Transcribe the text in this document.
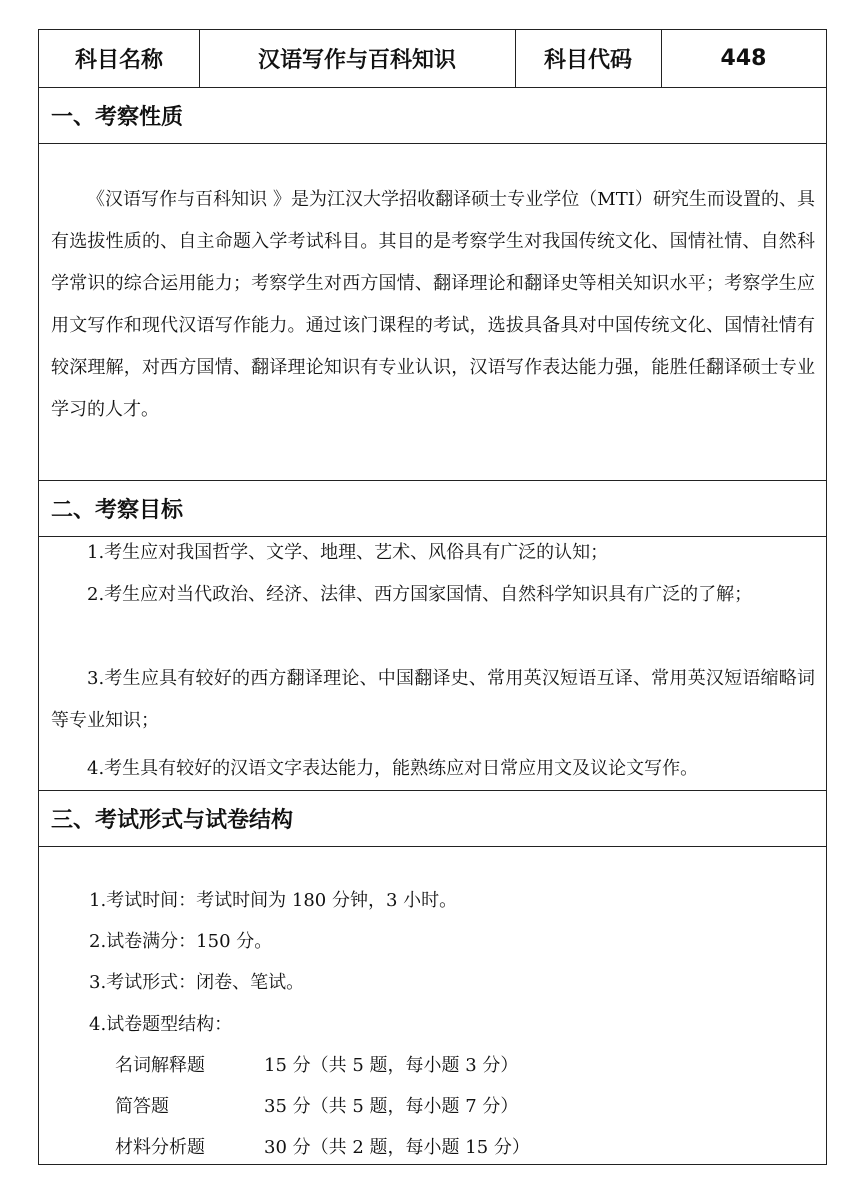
科目名称	汉语写作与百科知识	科目代码	448
一、考察性质

《汉语写作与百科知识 》是为江汉大学招收翻译硕士专业学位（MTI）研究生而设置的、具有选拔性质的、自主命题入学考试科目。其目的是考察学生对我国传统文化、国情社情、自然科学常识的综合运用能力；考察学生对西方国情、翻译理论和翻译史等相关知识水平；考察学生应用文写作和现代汉语写作能力。通过该门课程的考试，选拔具备具对中国传统文化、国情社情有较深理解，对西方国情、翻译理论知识有专业认识，汉语写作表达能力强，能胜任翻译硕士专业学习的人才。

二、考察目标

1.考生应对我国哲学、文学、地理、艺术、风俗具有广泛的认知；

2.考生应对当代政治、经济、法律、西方国家国情、自然科学知识具有广泛的了解；

3.考生应具有较好的西方翻译理论、中国翻译史、常用英汉短语互译、常用英汉短语缩略词等专业知识；

4.考生具有较好的汉语文字表达能力，能熟练应对日常应用文及议论文写作。

三、考试形式与试卷结构
1.考试时间：考试时间为 180 分钟，3 小时。
2.试卷满分：150 分。
3.考试形式：闭卷、笔试。
4.试卷题型结构：
名词解释题	15 分（共 5 题，每小题 3 分）
简答题	35 分（共 5 题，每小题 7 分）
材料分析题	30 分（共 2 题，每小题 15 分）
